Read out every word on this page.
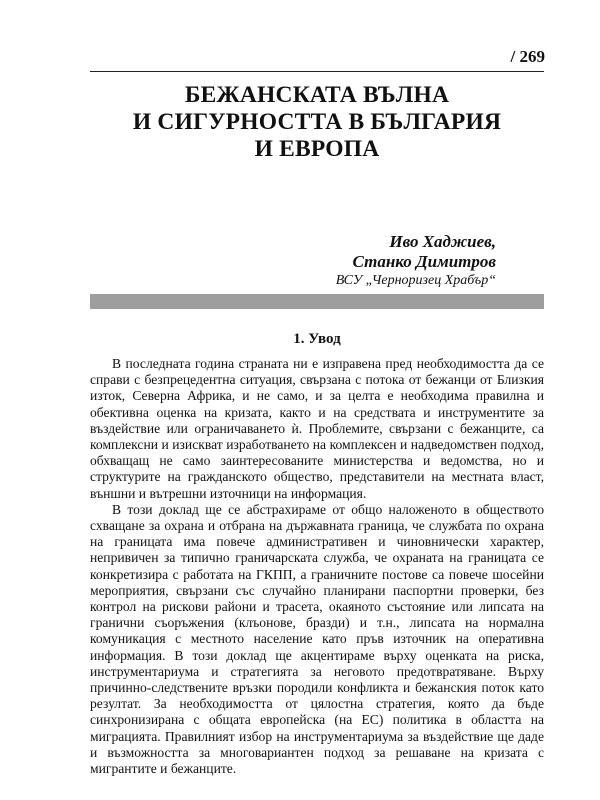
/ 269
БЕЖАНСКАТА ВЪЛНА
И СИГУРНОСТТА В БЪЛГАРИЯ
И ЕВРОПА
Иво Хаджиев,
Станко Димитров
ВСУ „Черноризец Храбър“
1. Увод

В последната година страната ни е изправена пред необходимостта да се справи с безпрецедентна ситуация, свързана с потока от бежанци от Близкия изток, Северна Африка, и не само, и за целта е необходима правилна и обективна оценка на кризата, както и на средствата и инструментите за въздействие или ограничаването ѝ. Проблемите, свързани с бежанците, са комплексни и изискват изработването на комплексен и надведомствен подход, обхващащ не само заинтересованите министерства и ведомства, но и структурите на гражданското общество, представители на местната власт, външни и вътрешни източници на информация.

В този доклад ще се абстрахираме от общо наложеното в обществото схващане за охрана и отбрана на държавната граница, че службата по охрана на границата има повече административен и чиновнически характер, непривичен за типично граничарската служба, че охраната на границата се конкретизира с работата на ГКПП, а граничните постове са повече шосейни мероприятия, свързани със случайно планирани паспортни проверки, без контрол на рискови райони и трасета, окаяното състояние или липсата на гранични съоръжения (клъонове, бразди) и т.н., липсата на нормална комуникация с местното население като пръв източник на оперативна информация. В този доклад ще акцентираме върху оценката на риска, инструментариума и стратегията за неговото предотвратяване. Върху причинно-следствените връзки породили конфликта и бежанския поток като резултат. За необходимостта от цялостна стратегия, която да бъде синхронизирана с общата европейска (на ЕС) политика в областта на миграцията. Правилният избор на инструментариума за въздействие ще даде и възможността за многовариантен подход за решаване на кризата с мигрантите и бежанците.
